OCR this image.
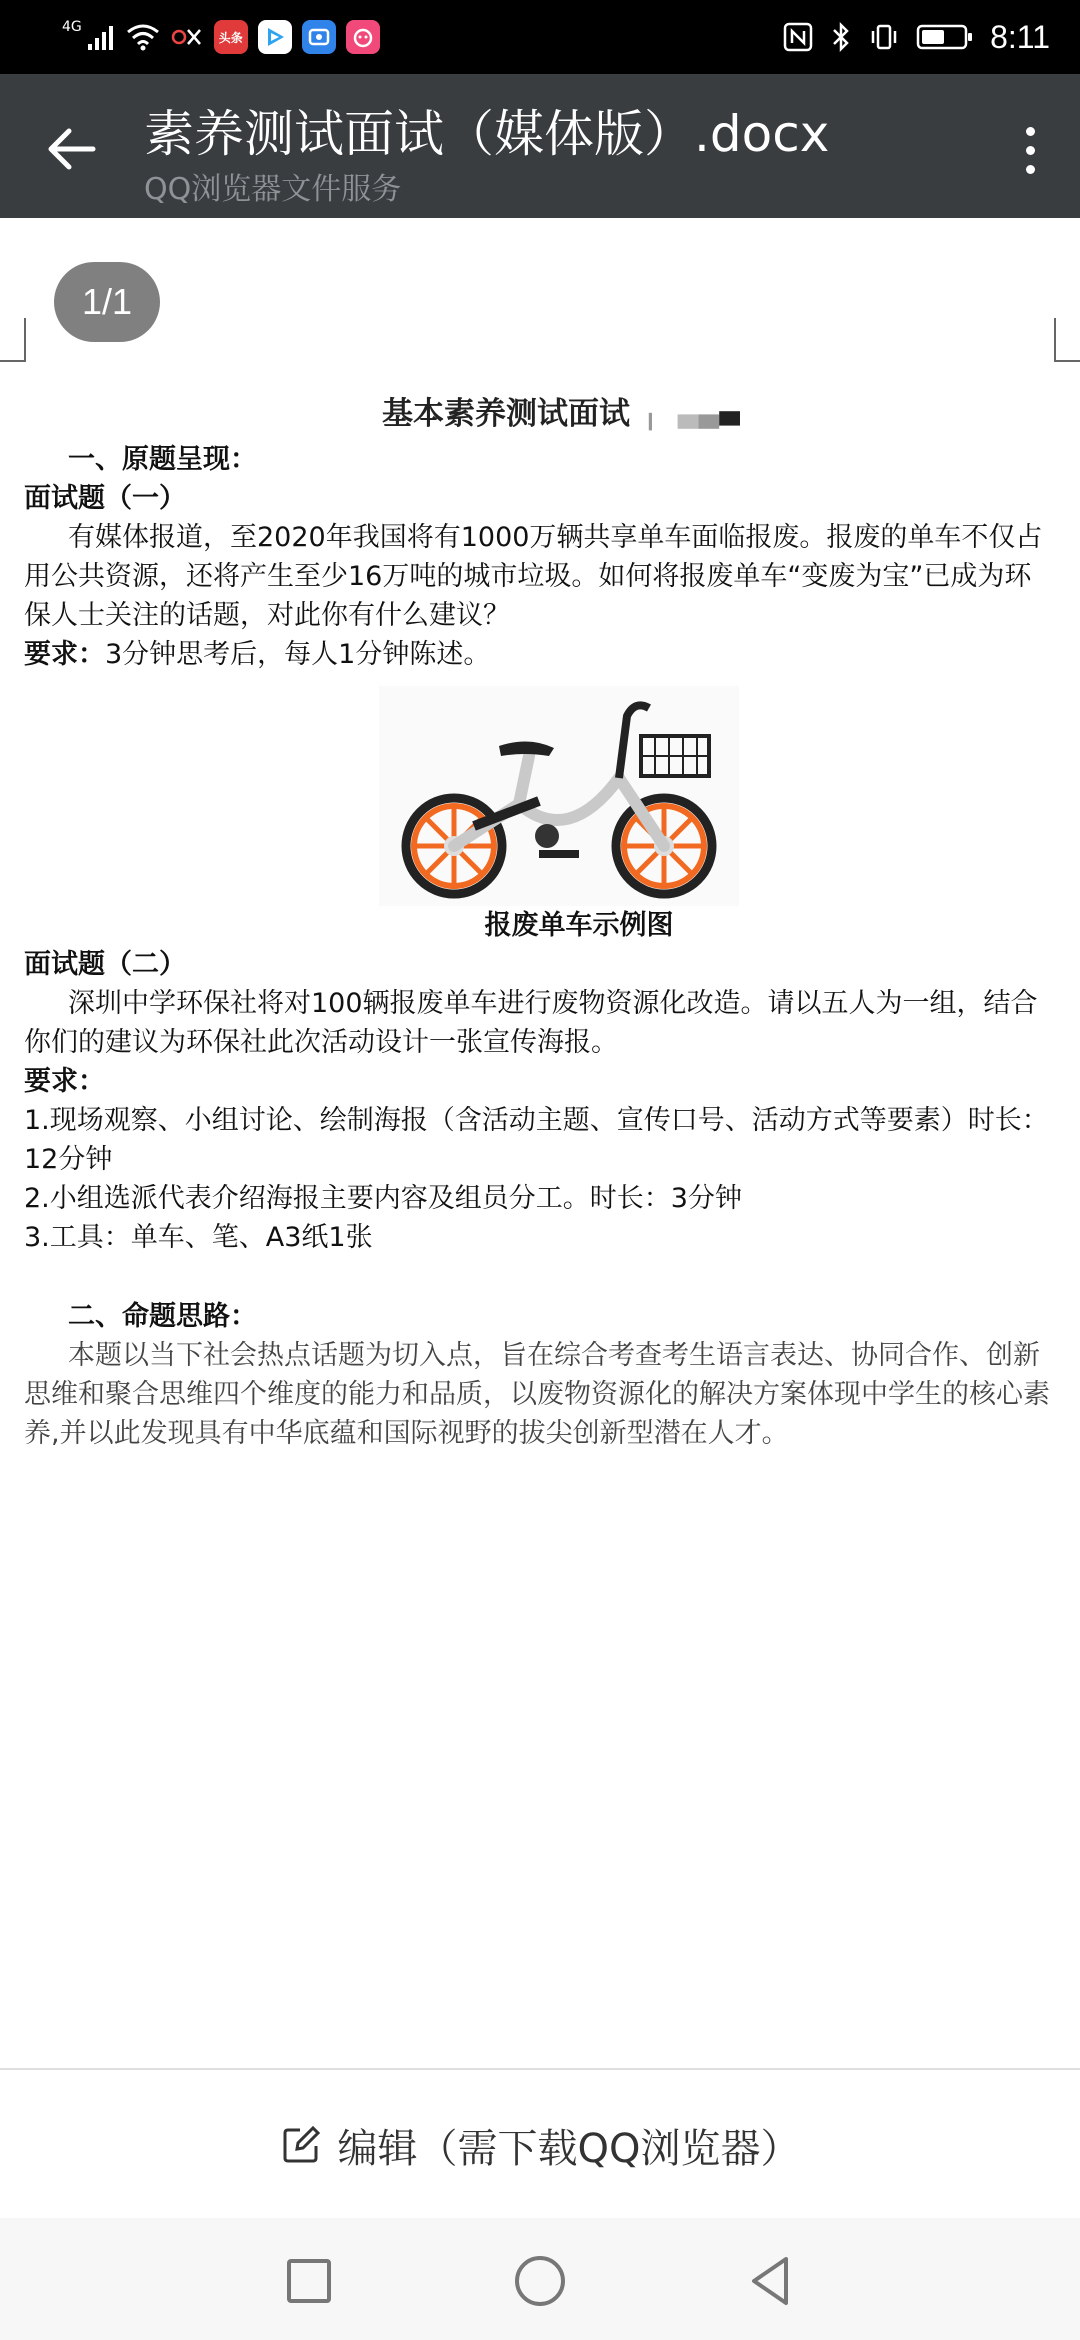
4G
头条	8:11
素养测试面试（媒体版）.docx
QQ浏览器文件服务
1/1
基本素养测试面试

一、原题呈现：

面试题（一）

有媒体报道，至2020年我国将有1000万辆共享单车面临报废。报废的单车不仅占用公共资源，还将产生至少16万吨的城市垃圾。如何将报废单车“变废为宝”已成为环保人士关注的话题，对此你有什么建议？

要求：3分钟思考后，每人1分钟陈述。

报废单车示例图

面试题（二）

深圳中学环保社将对100辆报废单车进行废物资源化改造。请以五人为一组，结合你们的建议为环保社此次活动设计一张宣传海报。

要求：

1.现场观察、小组讨论、绘制海报（含活动主题、宣传口号、活动方式等要素）时长：12分钟

2.小组选派代表介绍海报主要内容及组员分工。时长：3分钟

3.工具：单车、笔、A3纸1张

二、命题思路：

本题以当下社会热点话题为切入点，旨在综合考查考生语言表达、协同合作、创新思维和聚合思维四个维度的能力和品质，以废物资源化的解决方案体现中学生的核心素养,并以此发现具有中华底蕴和国际视野的拔尖创新型潜在人才。

编辑（需下载QQ浏览器）
